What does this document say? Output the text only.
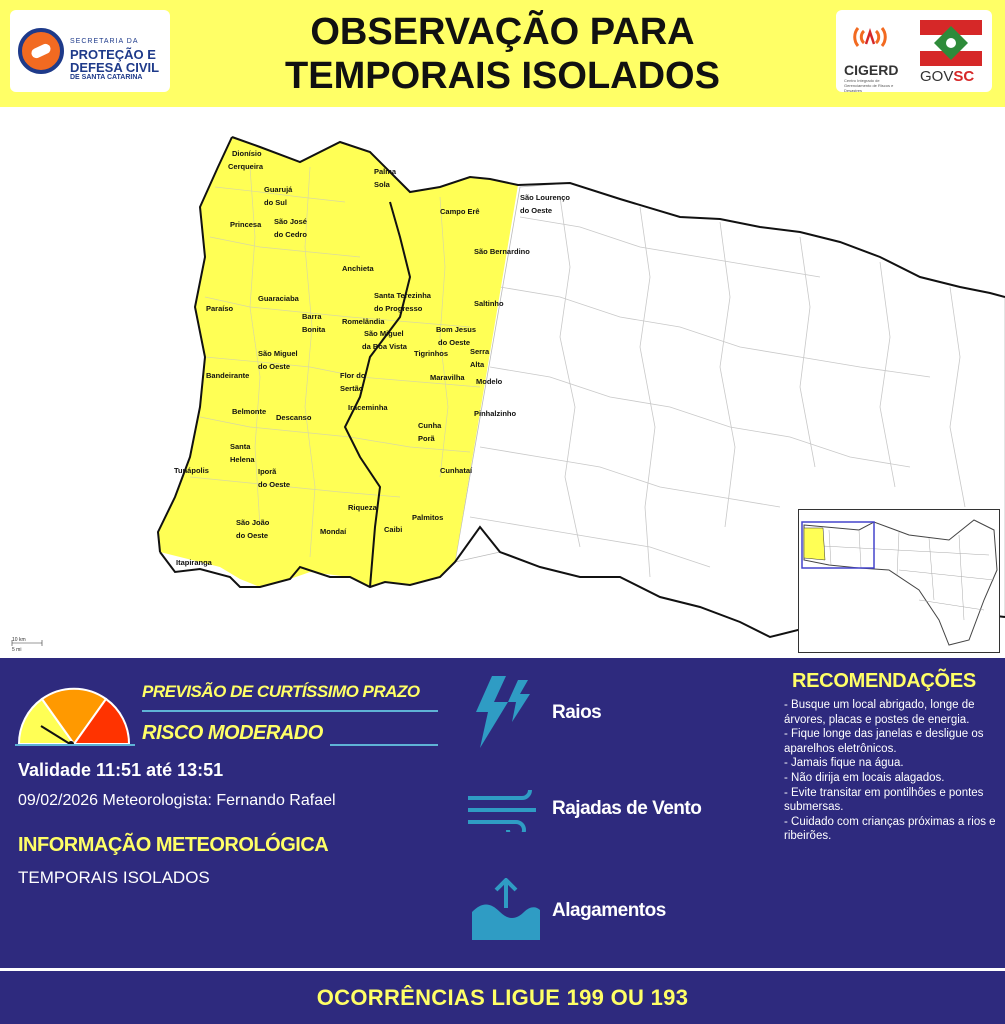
SECRETARIA DA
PROTEÇÃO E
DEFESA CIVIL
DE SANTA CATARINA
OBSERVAÇÃO PARA
TEMPORAIS ISOLADOS	CIGERD
Centro Integrado de Gerenciamento de Riscos e Desastres
GOVSC
Dionísio
Cerqueira
Palma
Sola
Guarujá
do Sul
São José
do Cedro
Princesa
Campo Erê
São Lourenço
do Oeste
São Bernardino
Anchieta
Santa Terezinha
do Progresso
Guaraciaba
Paraíso
Barra
Bonita
Romelândia
São Miguel
da Boa Vista
Saltinho
Bom Jesus
do Oeste
Tigrinhos	Serra
Alta
São Miguel
do Oeste
Bandeirante	Flor do
Sertão
Maravilha Modelo
Belmonte
Descanso
Iraceminha
Pinhalzinho
Cunha
Porã
Santa
Helena
Tunápolis	Iporã
do Oeste
Cunhataí
Riqueza
Palmitos
São João
do Oeste	Mondaí	Caibi
Itapiranga
10 km
5 mi
PREVISÃO DE CURTÍSSIMO PRAZO
RISCO MODERADO
Validade 11:51 até 13:51
09/02/2026 Meteorologista: Fernando Rafael
INFORMAÇÃO METEOROLÓGICA
TEMPORAIS ISOLADOS
Raios
Rajadas de Vento
Alagamentos
RECOMENDAÇÕES
- Busque um local abrigado, longe de árvores, placas e postes de energia.
- Fique longe das janelas e desligue os aparelhos eletrônicos.
- Jamais fique na água.
- Não dirija em locais alagados.
- Evite transitar em pontilhões e pontes submersas.
- Cuidado com crianças próximas a rios e ribeirões.
OCORRÊNCIAS LIGUE 199 OU 193
